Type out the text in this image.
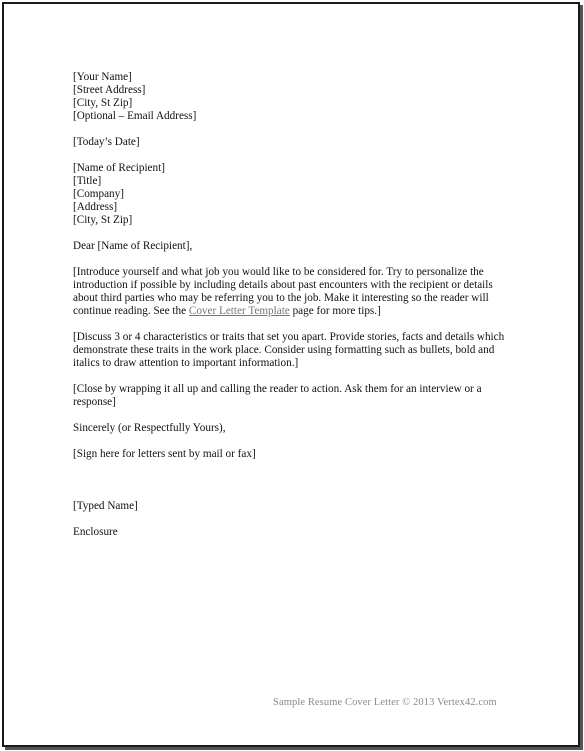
[Your Name]
[Street Address]
[City, St Zip]
[Optional – Email Address]
[Today’s Date]
[Name of Recipient]
[Title]
[Company]
[Address]
[City, St Zip]
Dear [Name of Recipient],

[Introduce yourself and what job you would like to be considered for. Try to personalize the introduction if possible by including details about past encounters with the recipient or details about third parties who may be referring you to the job. Make it interesting so the reader will continue reading. See the Cover Letter Template page for more tips.]

[Discuss 3 or 4 characteristics or traits that set you apart. Provide stories, facts and details which demonstrate these traits in the work place. Consider using formatting such as bullets, bold and italics to draw attention to important information.]

[Close by wrapping it all up and calling the reader to action. Ask them for an interview or a response]

Sincerely (or Respectfully Yours),
[Sign here for letters sent by mail or fax]
[Typed Name]
Enclosure
Sample Resume Cover Letter © 2013 Vertex42.com
